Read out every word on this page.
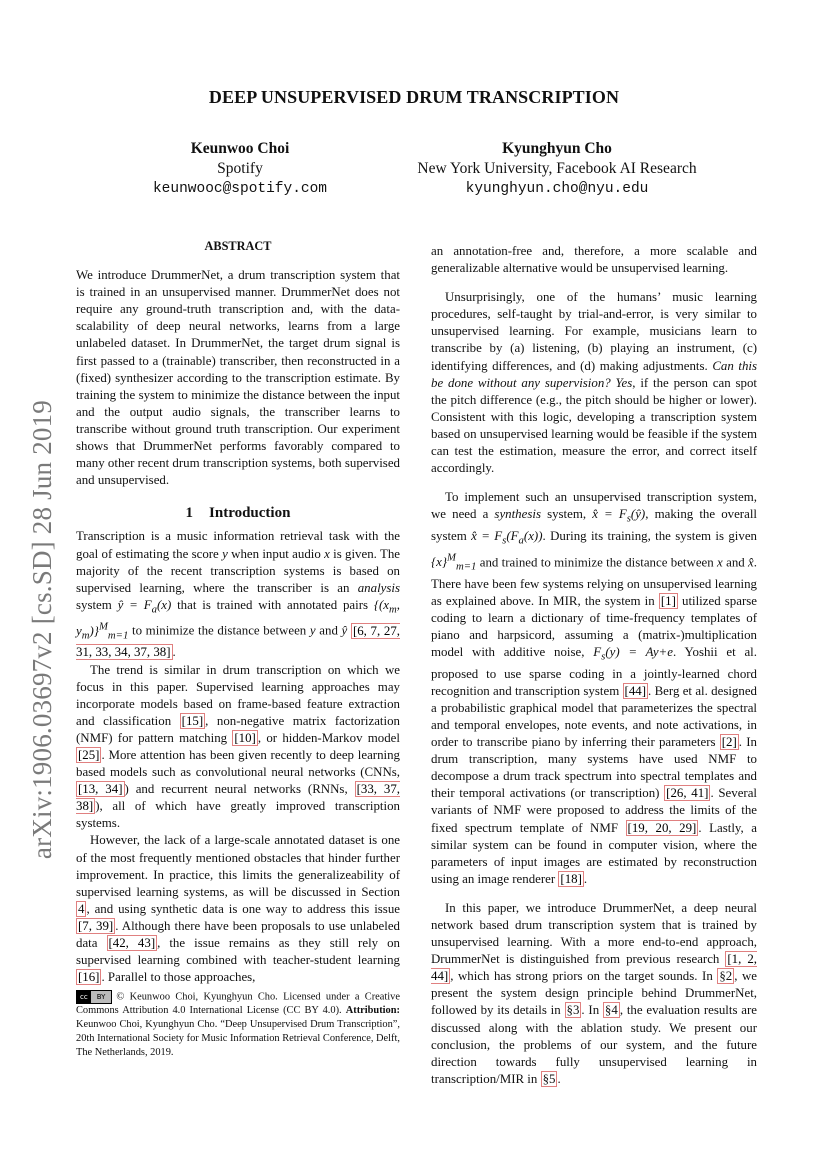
arXiv:1906.03697v2 [cs.SD] 28 Jun 2019
DEEP UNSUPERVISED DRUM TRANSCRIPTION
Keunwoo Choi
Spotify
keunwooc@spotify.com
Kyunghyun Cho
New York University, Facebook AI Research
kyunghyun.cho@nyu.edu
ABSTRACT

We introduce DrummerNet, a drum transcription system that is trained in an unsupervised manner. DrummerNet does not require any ground-truth transcription and, with the data-scalability of deep neural networks, learns from a large unlabeled dataset. In DrummerNet, the target drum signal is first passed to a (trainable) transcriber, then reconstructed in a (fixed) synthesizer according to the transcription estimate. By training the system to minimize the distance between the input and the output audio signals, the transcriber learns to transcribe without ground truth transcription. Our experiment shows that DrummerNet performs favorably compared to many other recent drum transcription systems, both supervised and unsupervised.

1 Introduction

Transcription is a music information retrieval task with the goal of estimating the score y when input audio x is given. The majority of the recent transcription systems is based on supervised learning, where the transcriber is an analysis system ŷ = $F_a(x)$ that is trained with annotated pairs {($x_m$, $y_m)\}^M_{m=1}$ to minimize the distance between y and ŷ [6, 7, 27, 31, 33, 34, 37, 38] .

The trend is similar in drum transcription on which we focus in this paper. Supervised learning approaches may incorporate models based on frame-based feature extraction and classification [15] , non-negative matrix factorization (NMF) for pattern matching [10] , or hidden-Markov model [25] . More attention has been given recently to deep learning based models such as convolutional neural networks (CNNs, [13, 34] ) and recurrent neural networks (RNNs, [33, 37, 38] ), all of which have greatly improved transcription systems.

However, the lack of a large-scale annotated dataset is one of the most frequently mentioned obstacles that hinder further improvement. In practice, this limits the generalizeability of supervised learning systems, as will be discussed in Section 4 , and using synthetic data is one way to address this issue [7, 39] . Although there have been proposals to use unlabeled data [42, 43] , the issue remains as they still rely on supervised learning combined with teacher-student learning [16] . Parallel to those approaches,

cc	BY	© Keunwoo Choi, Kyunghyun Cho. Licensed under a Creative Commons Attribution 4.0 International License (CC BY 4.0). Attribution: Keunwoo Choi, Kyunghyun Cho. “Deep Unsupervised Drum Transcription”, 20th International Society for Music Information Retrieval Conference, Delft, The Netherlands, 2019.

an annotation-free and, therefore, a more scalable and generalizable alternative would be unsupervised learning.

Unsurprisingly, one of the humans’ music learning procedures, self-taught by trial-and-error, is very similar to unsupervised learning. For example, musicians learn to transcribe by (a) listening, (b) playing an instrument, (c) identifying differences, and (d) making adjustments. Can this be done without any supervision? Yes, if the person can spot the pitch difference (e.g., the pitch should be higher or lower). Consistent with this logic, developing a transcription system based on unsupervised learning would be feasible if the system can test the estimation, measure the error, and correct itself accordingly.

To implement such an unsupervised transcription system, we need a synthesis system, x̂ = $F_s(ŷ)$, making the overall system x̂ = $F_s(F_a(x))$. During its training, the system is given $\{x\}^M_{m=1}$ and trained to minimize the distance between x and x̂. There have been few systems relying on unsupervised learning as explained above. In MIR, the system in [1] utilized sparse coding to learn a dictionary of time-frequency templates of piano and harpsicord, assuming a (matrix-)multiplication model with additive noise, $F_s(y) = Ay+e$. Yoshii et al. proposed to use sparse coding in a jointly-learned chord recognition and transcription system [44] . Berg et al. designed a probabilistic graphical model that parameterizes the spectral and temporal envelopes, note events, and note activations, in order to transcribe piano by inferring their parameters [2] . In drum transcription, many systems have used NMF to decompose a drum track spectrum into spectral templates and their temporal activations (or transcription) [26, 41] . Several variants of NMF were proposed to address the limits of the fixed spectrum template of NMF [19, 20, 29] . Lastly, a similar system can be found in computer vision, where the parameters of input images are estimated by reconstruction using an image renderer [18] .

In this paper, we introduce DrummerNet, a deep neural network based drum transcription system that is trained by unsupervised learning. With a more end-to-end approach, DrummerNet is distinguished from previous research [1, 2, 44] , which has strong priors on the target sounds. In §2 , we present the system design principle behind DrummerNet, followed by its details in §3 . In §4 , the evaluation results are discussed along with the ablation study. We present our conclusion, the problems of our system, and the future direction towards fully unsupervised learning in transcription/MIR in §5 .
